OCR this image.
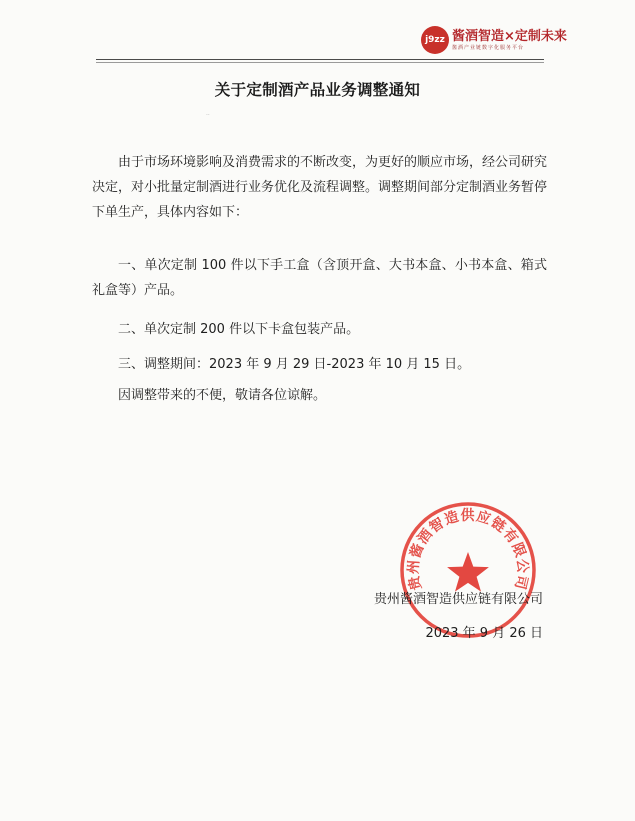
j9zz 酱酒智造×定制未来
酱酒产业链数字化服务平台
关于定制酒产品业务调整通知
··
由于市场环境影响及消费需求的不断改变，为更好的顺应市场，经公司研究决定，对小批量定制酒进行业务优化及流程调整。调整期间部分定制酒业务暂停下单生产，具体内容如下：
一、单次定制 100 件以下手工盒（含顶开盒、大书本盒、小书本盒、箱式礼盒等）产品。
二、单次定制 200 件以下卡盒包装产品。
三、调整期间：2023 年 9 月 29 日-2023 年 10 月 15 日。
因调整带来的不便，敬请各位谅解。
贵州酱酒智造供应链有限公司
贵州酱酒智造供应链有限公司
2023 年 9 月 26 日
